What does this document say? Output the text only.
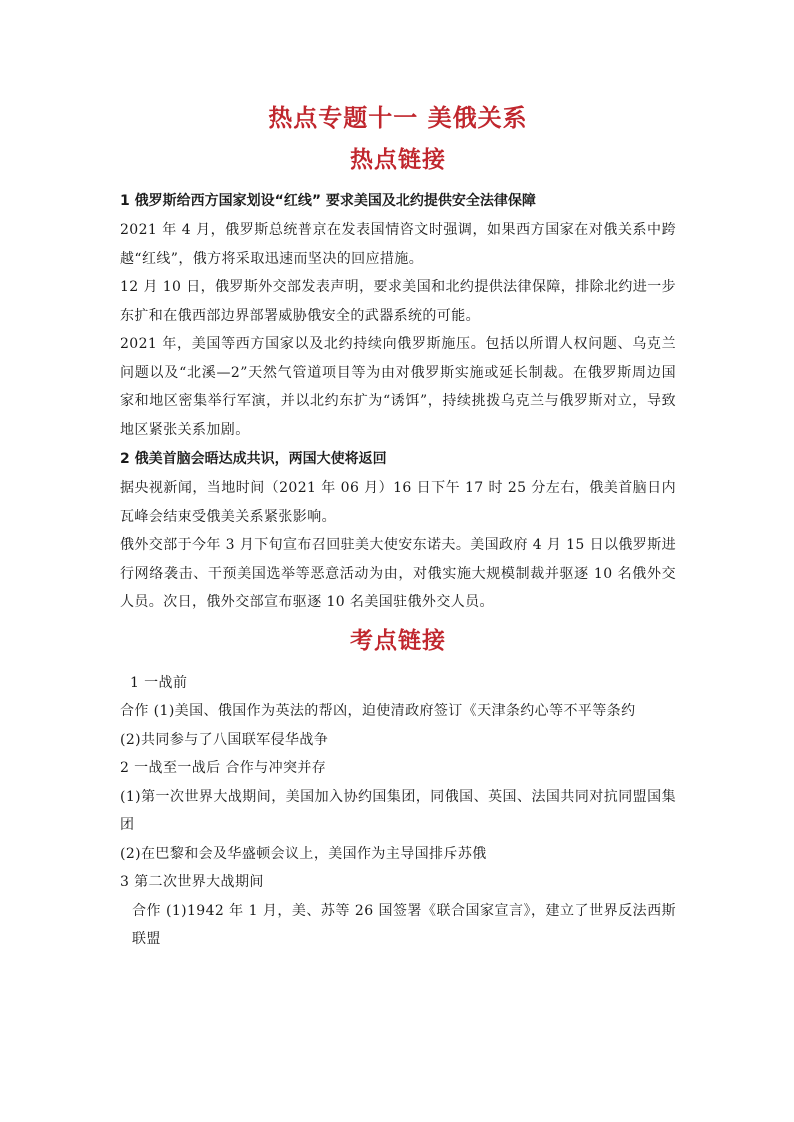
热点专题十一 美俄关系
热点链接

1 俄罗斯给西方国家划设“红线” 要求美国及北约提供安全法律保障

2021 年 4 月，俄罗斯总统普京在发表国情咨文时强调，如果西方国家在对俄关系中跨越“红线”，俄方将采取迅速而坚决的回应措施。

12 月 10 日，俄罗斯外交部发表声明，要求美国和北约提供法律保障，排除北约进一步东扩和在俄西部边界部署威胁俄安全的武器系统的可能。

2021 年，美国等西方国家以及北约持续向俄罗斯施压。包括以所谓人权问题、乌克兰问题以及“北溪—2”天然气管道项目等为由对俄罗斯实施或延长制裁。在俄罗斯周边国家和地区密集举行军演，并以北约东扩为“诱饵”，持续挑拨乌克兰与俄罗斯对立，导致地区紧张关系加剧。

2 俄美首脑会晤达成共识，两国大使将返回

据央视新闻，当地时间（2021 年 06 月）16 日下午 17 时 25 分左右，俄美首脑日内瓦峰会结束受俄美关系紧张影响。

俄外交部于今年 3 月下旬宣布召回驻美大使安东诺夫。美国政府 4 月 15 日以俄罗斯进行网络袭击、干预美国选举等恶意活动为由，对俄实施大规模制裁并驱逐 10 名俄外交人员。次日，俄外交部宣布驱逐 10 名美国驻俄外交人员。

考点链接

1 一战前

合作 (1)美国、俄国作为英法的帮凶，迫使清政府签订《天津条约心等不平等条约

(2)共同参与了八国联军侵华战争

2 一战至一战后 合作与冲突并存

(1)第一次世界大战期间，美国加入协约国集团，同俄国、英国、法国共同对抗同盟国集团

(2)在巴黎和会及华盛顿会议上，美国作为主导国排斥苏俄

3 第二次世界大战期间

合作 (1)1942 年 1 月，美、苏等 26 国签署《联合国家宣言》，建立了世界反法西斯联盟
